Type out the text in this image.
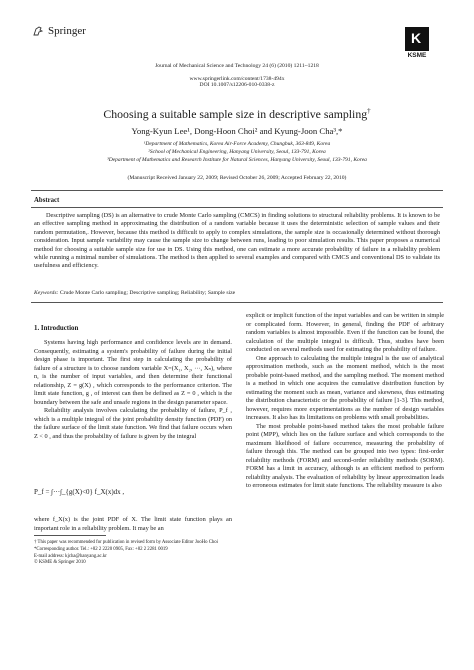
Springer	K
KSME
Journal of Mechanical Science and Technology 24 (6) (2010) 1211~1218
www.springerlink.com/content/1738-494x
DOI 10.1007/s12206-010-0338-z
Choosing a suitable sample size in descriptive sampling†
Yong-Kyun Lee¹, Dong-Hoon Choi² and Kyung-Joon Cha³,*
¹Department of Mathematics, Korea Air-Force Academy, Chungbuk, 363-849, Korea
²School of Mechanical Engineering, Hanyang University, Seoul, 133-791, Korea
³Department of Mathematics and Research Institute for Natural Sciences, Hanyang University, Seoul, 133-791, Korea
(Manuscript Received January 22, 2009; Revised October 26, 2009; Accepted February 22, 2010)
Abstract
Descriptive sampling (DS) is an alternative to crude Monte Carlo sampling (CMCS) in finding solutions to structural reliability problems. It is known to be an effective sampling method in approximating the distribution of a random variable because it uses the deterministic selection of sample values and their random permutation,. However, because this method is difficult to apply to complex simulations, the sample size is occasionally determined without thorough consideration. Input sample variability may cause the sample size to change between runs, leading to poor simulation results. This paper proposes a numerical method for choosing a suitable sample size for use in DS. Using this method, one can estimate a more accurate probability of failure in a reliability problem while running a minimal number of simulations. The method is then applied to several examples and compared with CMCS and conventional DS to validate its usefulness and efficiency.
Keywords: Crude Monte Carlo sampling; Descriptive sampling; Reliability; Sample size
1. Introduction

Systems having high performance and confidence levels are in demand. Consequently, estimating a system's probability of failure during the initial design phase is important. The first step in calculating the probability of failure of a structure is to choose random variable X=(X₁, X₂, ···, Xₙ), where n, is the number of input variables, and then determine their functional relationship, Z = g(X) , which corresponds to the performance criterion. The limit state function, g , of interest can then be defined as Z = 0 , which is the boundary between the safe and unsafe regions in the design parameter space.

Reliability analysis involves calculating the probability of failure, P_f , which is a multiple integral of the joint probability density function (PDF) on the failure surface of the limit state function. We find that failure occurs when Z < 0 , and thus the probability of failure is given by the integral

P_f = ∫···∫_{g(X)<0} f_X(x)dx ,
where f_X(x) is the joint PDF of X. The limit state function plays an important role in a reliability problem. It may be an
† This paper was recommended for publication in revised form by Associate Editor JooHo Choi
*Corresponding author. Tel.: +82 2 2220 0905, Fax: +82 2 2281 0019
E-mail address: kjcha@hanyang.ac.kr
© KSME & Springer 2010

explicit or implicit function of the input variables and can be written in simple or complicated form. However, in general, finding the PDF of arbitrary random variables is almost impossible. Even if the function can be found, the calculation of the multiple integral is difficult. Thus, studies have been conducted on several methods used for estimating the probability of failure.

One approach to calculating the multiple integral is the use of analytical approximation methods, such as the moment method, which is the most probable point-based method, and the sampling method. The moment method is a method in which one acquires the cumulative distribution function by estimating the moment such as mean, variance and skewness, thus estimating the distribution characteristic or the probability of failure [1-3]. This method, however, requires more experimentations as the number of design variables increases. It also has its limitations on problems with small probabilities.

The most probable point-based method takes the most probable failure point (MPP), which lies on the failure surface and which corresponds to the maximum likelihood of failure occurrence, measuring the probability of failure through this. The method can be grouped into two types: first-order reliability methods (FORM) and second-order reliability methods (SORM). FORM has a limit in accuracy, although is an efficient method to perform reliability analysis. The evaluation of reliability by linear approximation leads to erroneous estimates for limit state functions. The reliability measure is also
